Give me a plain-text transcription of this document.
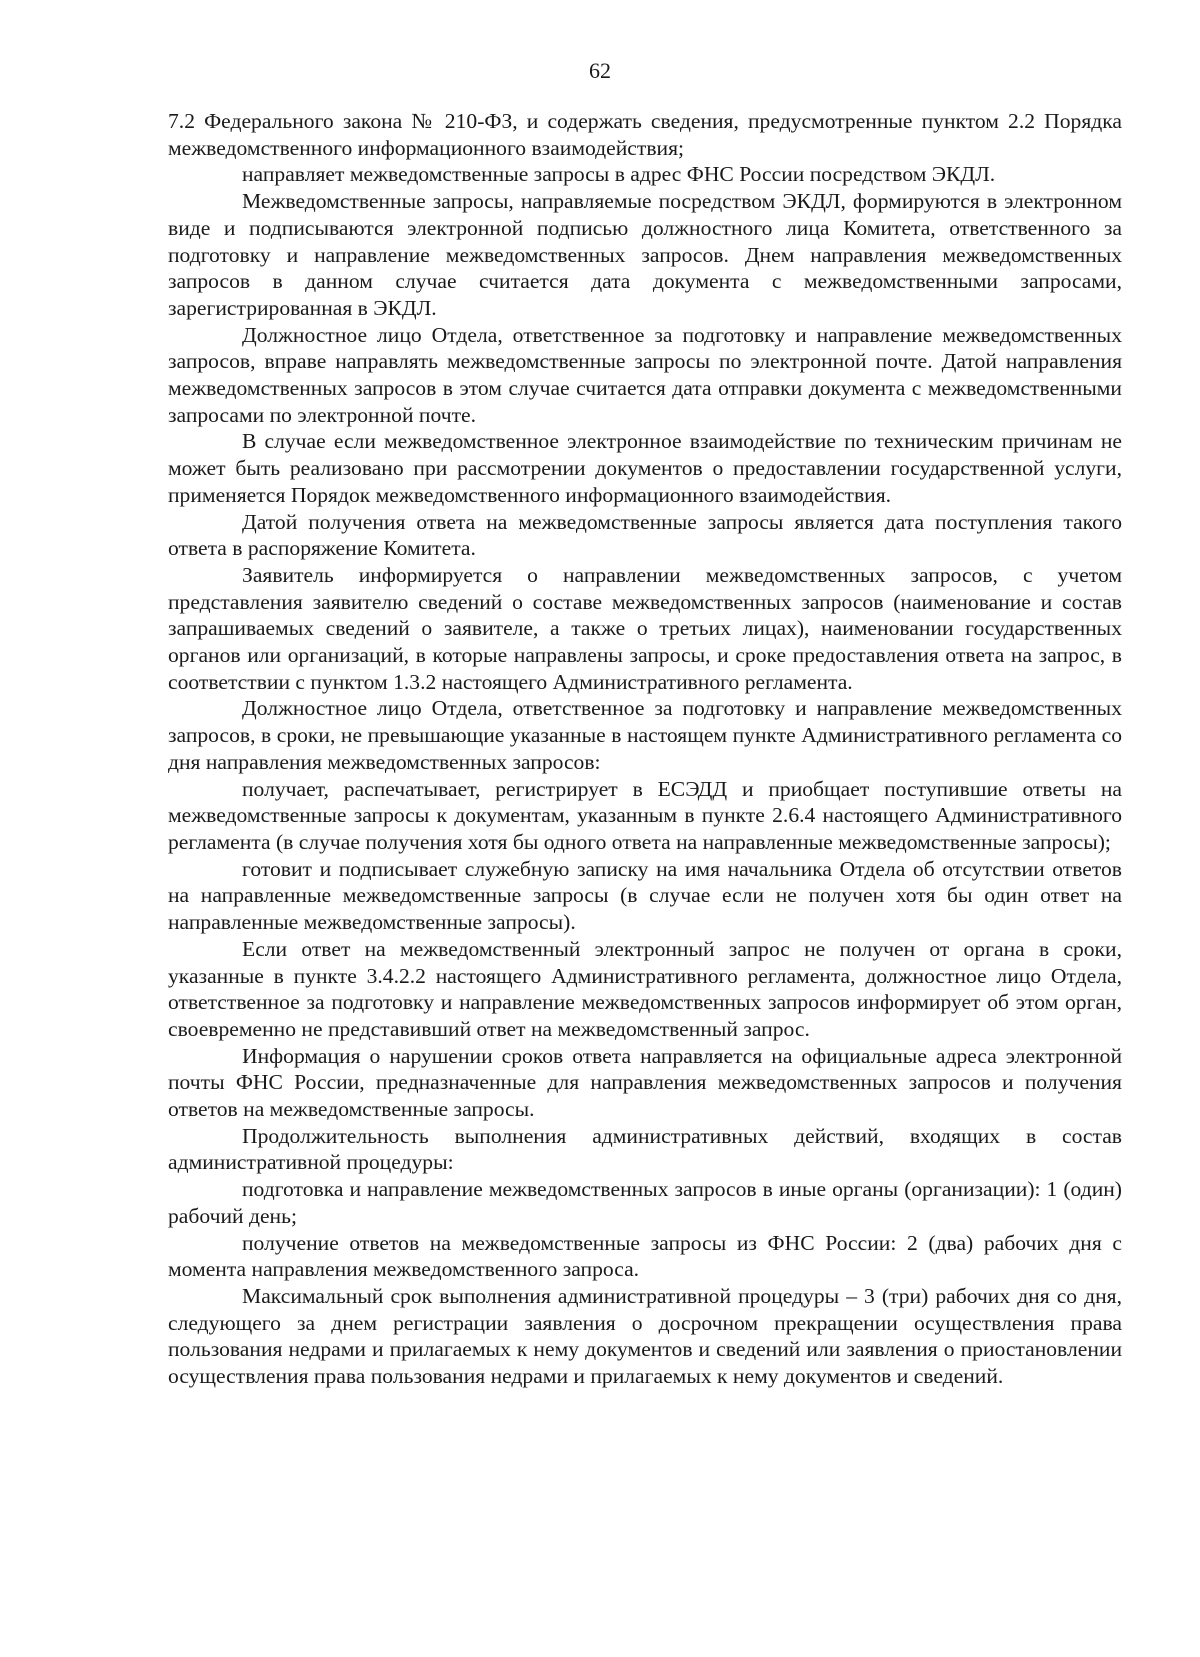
62

7.2 Федерального закона № 210-ФЗ, и содержать сведения, предусмотренные пунктом 2.2 Порядка межведомственного информационного взаимодействия;

направляет межведомственные запросы в адрес ФНС России посредством ЭКДЛ.

Межведомственные запросы, направляемые посредством ЭКДЛ, формируются в электронном виде и подписываются электронной подписью должностного лица Комитета, ответственного за подготовку и направление межведомственных запросов. Днем направления межведомственных запросов в данном случае считается дата документа с межведомственными запросами, зарегистрированная в ЭКДЛ.

Должностное лицо Отдела, ответственное за подготовку и направление межведомственных запросов, вправе направлять межведомственные запросы по электронной почте. Датой направления межведомственных запросов в этом случае считается дата отправки документа с межведомственными запросами по электронной почте.

В случае если межведомственное электронное взаимодействие по техническим причинам не может быть реализовано при рассмотрении документов о предоставлении государственной услуги, применяется Порядок межведомственного информационного взаимодействия.

Датой получения ответа на межведомственные запросы является дата поступления такого ответа в распоряжение Комитета.

Заявитель информируется о направлении межведомственных запросов, с учетом представления заявителю сведений о составе межведомственных запросов (наименование и состав запрашиваемых сведений о заявителе, а также о третьих лицах), наименовании государственных органов или организаций, в которые направлены запросы, и сроке предоставления ответа на запрос, в соответствии с пунктом 1.3.2 настоящего Административного регламента.

Должностное лицо Отдела, ответственное за подготовку и направление межведомственных запросов, в сроки, не превышающие указанные в настоящем пункте Административного регламента со дня направления межведомственных запросов:

получает, распечатывает, регистрирует в ЕСЭДД и приобщает поступившие ответы на межведомственные запросы к документам, указанным в пункте 2.6.4 настоящего Административного регламента (в случае получения хотя бы одного ответа на направленные межведомственные запросы);

готовит и подписывает служебную записку на имя начальника Отдела об отсутствии ответов на направленные межведомственные запросы (в случае если не получен хотя бы один ответ на направленные межведомственные запросы).

Если ответ на межведомственный электронный запрос не получен от органа в сроки, указанные в пункте 3.4.2.2 настоящего Административного регламента, должностное лицо Отдела, ответственное за подготовку и направление межведомственных запросов информирует об этом орган, своевременно не представивший ответ на межведомственный запрос.

Информация о нарушении сроков ответа направляется на официальные адреса электронной почты ФНС России, предназначенные для направления межведомственных запросов и получения ответов на межведомственные запросы.

Продолжительность выполнения административных действий, входящих в состав административной процедуры:

подготовка и направление межведомственных запросов в иные органы (организации): 1 (один) рабочий день;

получение ответов на межведомственные запросы из ФНС России: 2 (два) рабочих дня с момента направления межведомственного запроса.

Максимальный срок выполнения административной процедуры – 3 (три) рабочих дня со дня, следующего за днем регистрации заявления о досрочном прекращении осуществления права пользования недрами и прилагаемых к нему документов и сведений или заявления о приостановлении осуществления права пользования недрами и прилагаемых к нему документов и сведений.
